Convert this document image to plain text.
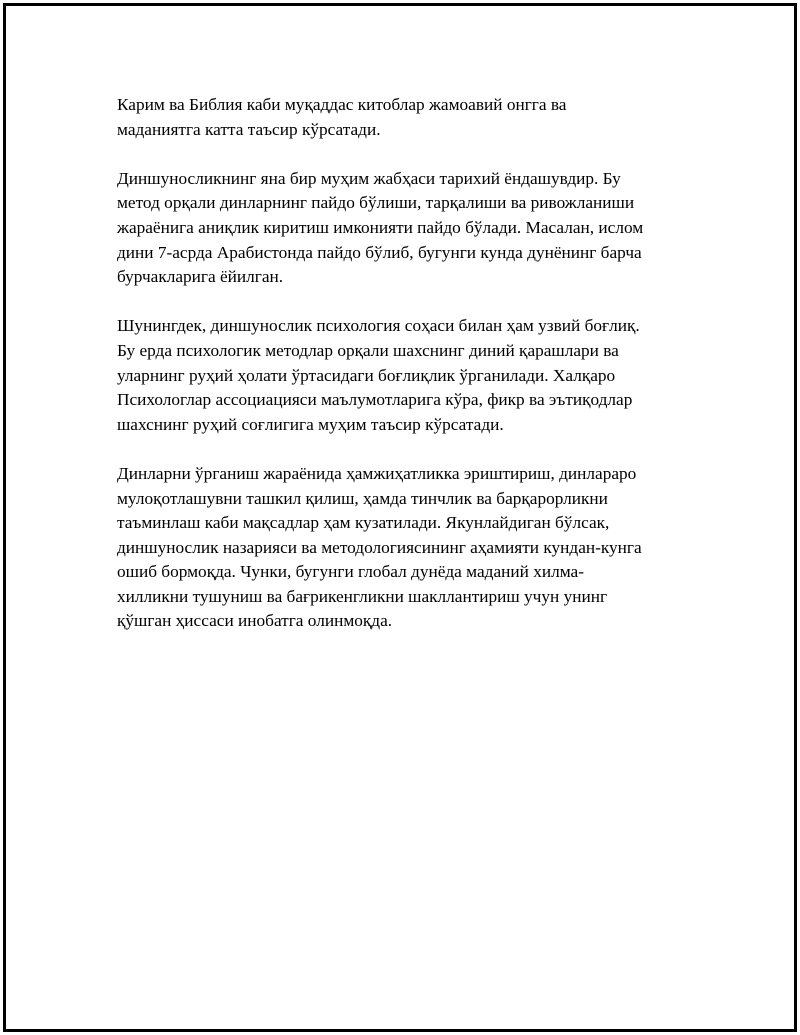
Карим ва Библия каби муқаддас китоблар жамоавий онгга ва
маданиятга катта таъсир кўрсатади.

Диншуносликнинг яна бир муҳим жабҳаси тарихий ёндашувдир. Бу
метод орқали динларнинг пайдо бўлиши, тарқалиши ва ривожланиши
жараёнига аниқлик киритиш имконияти пайдо бўлади. Масалан, ислом
дини 7-асрда Арабистонда пайдо бўлиб, бугунги кунда дунёнинг барча
бурчакларига ёйилган.

Шунингдек, диншунослик психология соҳаси билан ҳам узвий боғлиқ.
Бу ерда психологик методлар орқали шахснинг диний қарашлари ва
уларнинг руҳий ҳолати ўртасидаги боғлиқлик ўрганилади. Халқаро
Психологлар ассоциацияси маълумотларига кўра, фикр ва эътиқодлар
шахснинг руҳий соғлигига муҳим таъсир кўрсатади.

Динларни ўрганиш жараёнида ҳамжиҳатликка эриштириш, динлараро
мулоқотлашувни ташкил қилиш, ҳамда тинчлик ва барқарорликни
таъминлаш каби мақсадлар ҳам кузатилади. Якунлайдиган бўлсак,
диншунослик назарияси ва методологиясининг аҳамияти кундан-кунга
ошиб бормоқда. Чунки, бугунги глобал дунёда маданий хилма-
хилликни тушуниш ва бағрикенгликни шакллантириш учун унинг
қўшган ҳиссаси инобатга олинмоқда.
